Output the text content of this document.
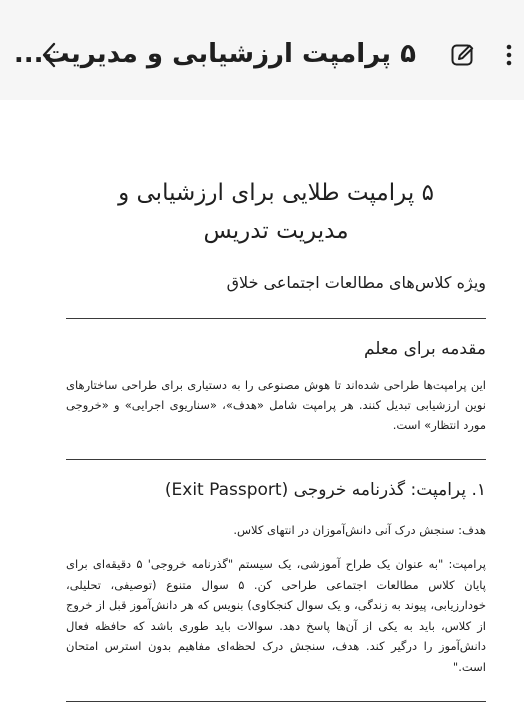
۵ پرامپت ارزشیابی و مدیریت...
۵ پرامپت طلایی برای ارزشیابی و مدیریت تدریس

ویژه کلاس‌های مطالعات اجتماعی خلاق

مقدمه برای معلم

این پرامپت‌ها طراحی شده‌اند تا هوش مصنوعی را به دستیاری برای طراحی ساختارهای نوین ارزشیابی تبدیل کنند. هر پرامپت شامل «هدف»، «سناریوی اجرایی» و «خروجی مورد انتظار» است.

۱. پرامپت: گذرنامه خروجی (Exit Passport)

هدف: سنجش درک آنی دانش‌آموزان در انتهای کلاس.

پرامپت: "به عنوان یک طراح آموزشی، یک سیستم "گذرنامه خروجی' ۵ دقیقه‌ای برای پایان کلاس مطالعات اجتماعی طراحی کن. ۵ سوال متنوع (توصیفی، تحلیلی، خودارزیابی، پیوند به زندگی، و یک سوال کنجکاوی) بنویس که هر دانش‌آموز قبل از خروج از کلاس، باید به یکی از آن‌ها پاسخ دهد. سوالات باید طوری باشد که حافظه فعال دانش‌آموز را درگیر کند. هدف، سنجش درک لحظه‌ای مفاهیم بدون استرس امتحان است."
